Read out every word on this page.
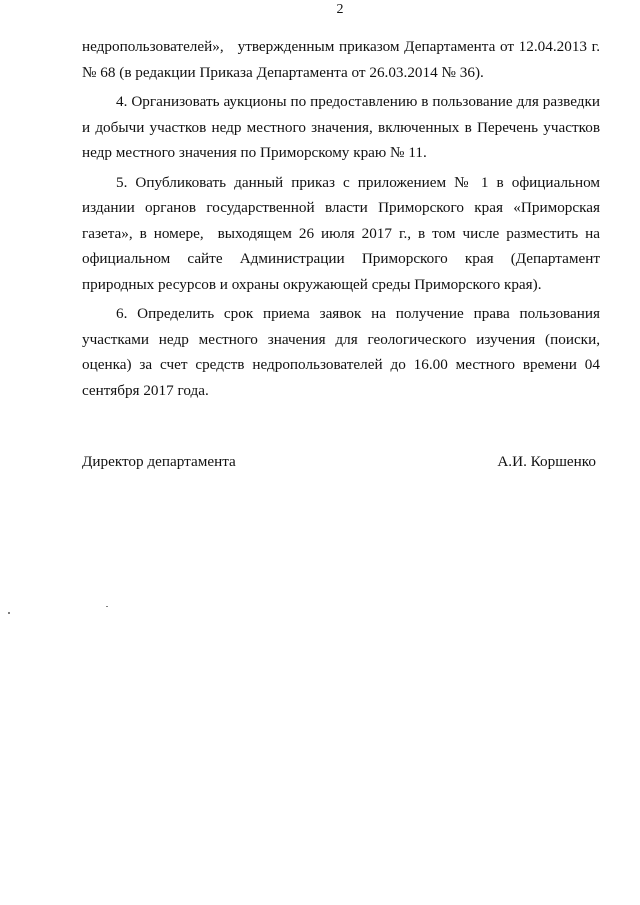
2

недропользователей»,   утвержденным приказом Департамента от 12.04.2013 г. № 68 (в редакции Приказа Департамента от 26.03.2014 № 36).

4. Организовать аукционы по предоставлению в пользование для разведки и добычи участков недр местного значения, включенных в Перечень участков недр местного значения по Приморскому краю № 11.

5. Опубликовать данный приказ с приложением № 1 в официальном издании органов государственной власти Приморского края «Приморская газета», в номере,  выходящем 26 июля 2017 г., в том числе разместить на официальном сайте Администрации Приморского края (Департамент природных ресурсов и охраны окружающей среды Приморского края).

6. Определить срок приема заявок на получение права пользования участками недр местного значения для геологического изучения (поиски, оценка) за счет средств недропользователей до 16.00 местного времени 04 сентября 2017 года.

Директор департамента	А.И. Коршенко
